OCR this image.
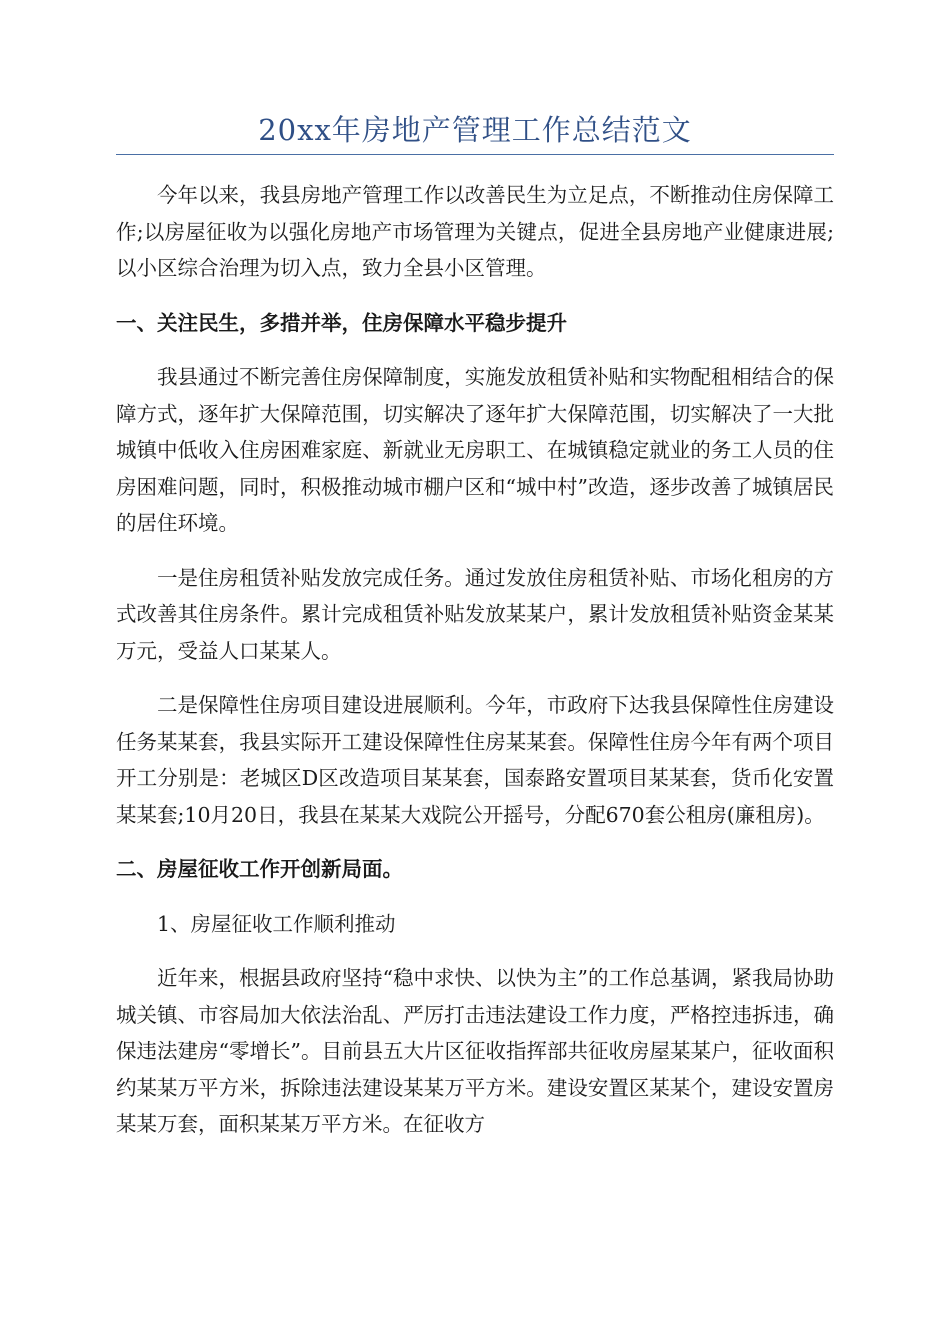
20xx年房地产管理工作总结范文

今年以来，我县房地产管理工作以改善民生为立足点，不断推动住房保障工作;以房屋征收为以强化房地产市场管理为关键点，促进全县房地产业健康进展;以小区综合治理为切入点，致力全县小区管理。

一、关注民生，多措并举，住房保障水平稳步提升

我县通过不断完善住房保障制度，实施发放租赁补贴和实物配租相结合的保障方式，逐年扩大保障范围，切实解决了逐年扩大保障范围，切实解决了一大批城镇中低收入住房困难家庭、新就业无房职工、在城镇稳定就业的务工人员的住房困难问题，同时，积极推动城市棚户区和“城中村”改造，逐步改善了城镇居民的居住环境。

一是住房租赁补贴发放完成任务。通过发放住房租赁补贴、市场化租房的方式改善其住房条件。累计完成租赁补贴发放某某户，累计发放租赁补贴资金某某万元，受益人口某某人。

二是保障性住房项目建设进展顺利。今年，市政府下达我县保障性住房建设任务某某套，我县实际开工建设保障性住房某某套。保障性住房今年有两个项目开工分别是：老城区D区改造项目某某套，国泰路安置项目某某套，货币化安置某某套;10月20日，我县在某某大戏院公开摇号，分配670套公租房(廉租房)。

二、房屋征收工作开创新局面。

1、房屋征收工作顺利推动

近年来，根据县政府坚持“稳中求快、以快为主”的工作总基调，紧我局协助城关镇、市容局加大依法治乱、严厉打击违法建设工作力度，严格控违拆违，确保违法建房“零增长”。目前县五大片区征收指挥部共征收房屋某某户，征收面积约某某万平方米，拆除违法建设某某万平方米。建设安置区某某个，建设安置房某某万套，面积某某万平方米。在征收方
